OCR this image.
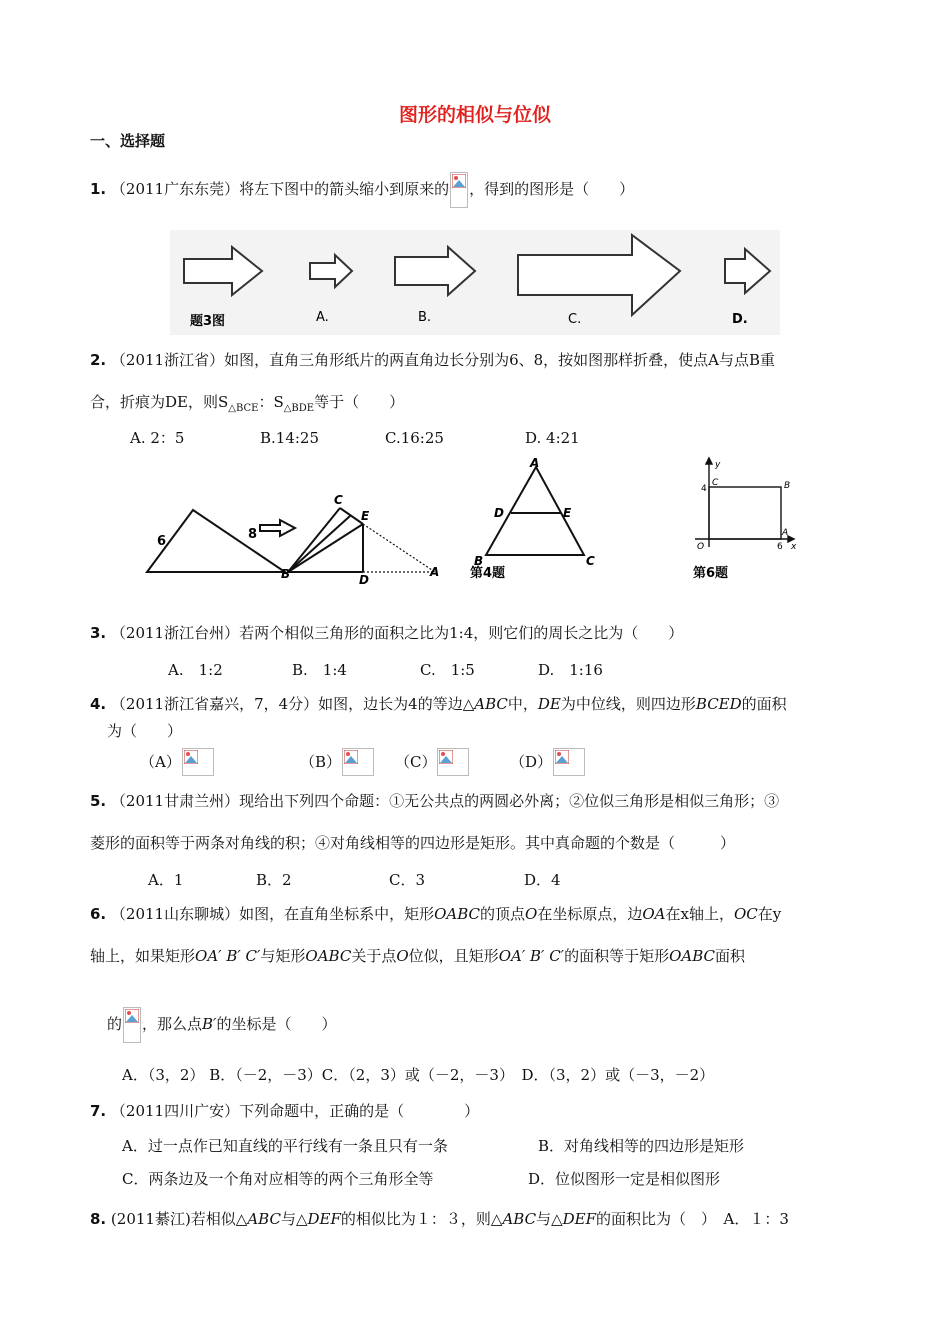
图形的相似与位似
一、选择题
1. （2011广东东莞）将左下图中的箭头缩小到原来的 ，得到的图形是（　　）
题3图	A.	B.	C.	D.
2. （2011浙江省）如图，直角三角形纸片的两直角边长分别为6、8，按如图那样折叠，使点A与点B重
合，折痕为DE，则$S_{\triangle BCE}$：$S_{\triangle BDE}$等于（　　）
A. 2：5	B.14:25	C.16:25	D. 4:21
6	8
B
C
E
D
A
A
D	E
B	C
第4题
y
C	B
4
A
O	6 x
第6题
3. （2011浙江台州）若两个相似三角形的面积之比为1:4，则它们的周长之比为（　　）
A.　1:2	B.　1:4	C.　1:5	D.　1:16
4. （2011浙江省嘉兴，7，4分）如图，边长为4的等边△ABC中，DE为中位线，则四边形BCED的面积
为（　　）
（A）	（B）	（C）	（D）
5. （2011甘肃兰州）现给出下列四个命题：①无公共点的两圆必外离；②位似三角形是相似三角形；③
菱形的面积等于两条对角线的积；④对角线相等的四边形是矩形。其中真命题的个数是（　　　）
A．1	B．2	C．3	D．4
6. （2011山东聊城）如图，在直角坐标系中，矩形OABC的顶点O在坐标原点，边OA在x轴上，OC在y
轴上，如果矩形OA′ B′ C′与矩形OABC关于点O位似，且矩形OA′ B′ C′的面积等于矩形OABC面积
的 ，那么点B′的坐标是（　　）
A．（3，2） B．（－2，－3）C．（2，3）或（－2，－3）　D．（3，2）或（－3，－2）
7. （2011四川广安）下列命题中，正确的是（　　　　）
A．过一点作已知直线的平行线有一条且只有一条	B．对角线相等的四边形是矩形
C．两条边及一个角对应相等的两个三角形全等	D．位似图形一定是相似图形
8. (2011綦江)若相似△ABC与△DEF的相似比为１：３，则△ABC与△DEF的面积比为（　）　A．１：3
